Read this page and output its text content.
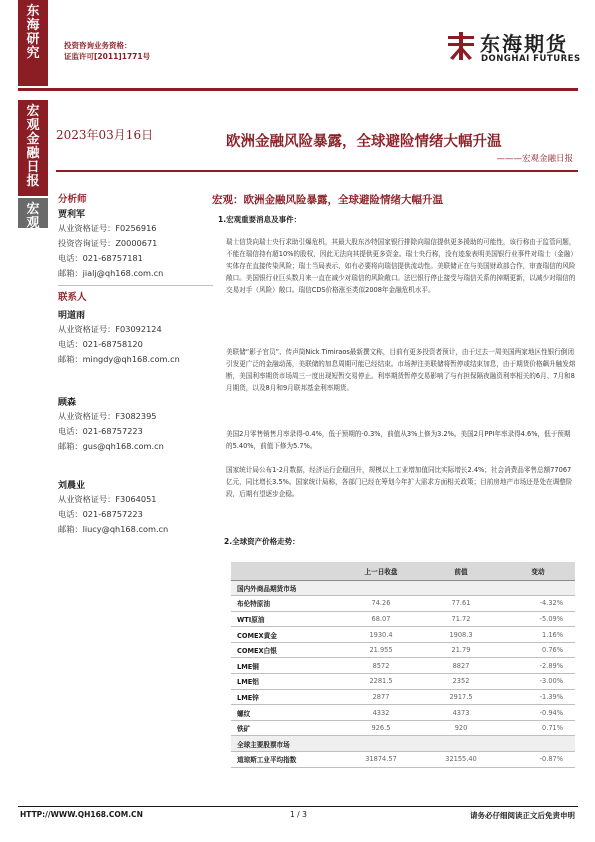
东
海
研
究
宏
观
金
融
日
报
宏
观
投资咨询业务资格：
证监许可[2011]1771号
东海期货
DONGHAI FUTURES
2023年03月16日	欧洲金融风险暴露，全球避险情绪大幅升温
———宏观金融日报
分析师
贾利军
从业资格证号：F0256916
投资咨询证号：Z0000671
电话：021-68757181
邮箱：jialj@qh168.com.cn
联系人
明道雨
从业资格证号：F03092124
电话：021-68758120
邮箱：mingdy@qh168.com.cn
顾森
从业资格证号：F3082395
电话：021-68757223
邮箱：gus@qh168.com.cn
刘晨业
从业资格证号：F3064051
电话：021-68757223
邮箱：liucy@qh168.com.cn
宏观：欧洲金融风险暴露，全球避险情绪大幅升温
1.宏观重要消息及事件：
瑞士信贷向瑞士央行求助引爆危机，其最大股东沙特国家银行排除向瑞信提供更多援助的可能性，该行称由于监管问题，不能在瑞信持有超10%的股权，因此无法向其提供更多资金。瑞士央行称，没有迹象表明美国银行业事件对瑞士（金融）实体存在直接传染风险；瑞士当局表示，如有必要将向瑞信提供流动性。美联储正在与美国财政部合作，审查瑞信的风险敞口。美国银行业巨头数月来一直在减少对瑞信的风险敞口。法巴银行停止接受与瑞信关系的掉期更新，以减少对瑞信的交易对手（风险）敞口。瑞信CDS价格涨至类似2008年金融危机水平。
美联储“影子官员”、传声筒Nick Timiraos最新撰文称，目前有更多投资者预计，由于过去一周美国两家地区性银行倒闭引发更广泛的金融动荡，美联储的加息周期可能已经结束。市场押注美联储将暂停或结束加息，由于期货价格飙升触发熔断，美国利率期货市场周三一度出现短暂交易停止。利率期货暂停交易影响了与有担保隔夜融资利率相关的6月、7月和8月期货，以及8月和9月联邦基金利率期货。
美国2月零售销售月率录得-0.4%，低于预期的-0.3%，前值从3%上修为3.2%。美国2月PPI年率录得4.6%，低于预期的5.40%，前值下修为5.7%。
国家统计局公布1-2月数据，经济运行企稳回升，规模以上工业增加值同比实际增长2.4%；社会消费品零售总额77067亿元，同比增长3.5%。国家统计局称，各部门已经在筹划今年扩大需求方面相关政策；目前房地产市场还是处在调整阶段，后期有望逐步企稳。
2.全球资产价格走势：
	上一日收盘	前值	变动
国内外商品期货市场			
布伦特原油	74.26	77.61	-4.32%
WTI原油	68.07	71.72	-5.09%
COMEX黄金	1930.4	1908.3	1.16%
COMEX白银	21.955	21.79	0.76%
LME铜	8572	8827	-2.89%
LME铝	2281.5	2352	-3.00%
LME锌	2877	2917.5	-1.39%
螺纹	4332	4373	-0.94%
铁矿	926.5	920	0.71%
全球主要股票市场			
道琼斯工业平均指数	31874.57	32155.40	-0.87%
HTTP://WWW.QH168.COM.CN	1 / 3	请务必仔细阅读正文后免责申明
